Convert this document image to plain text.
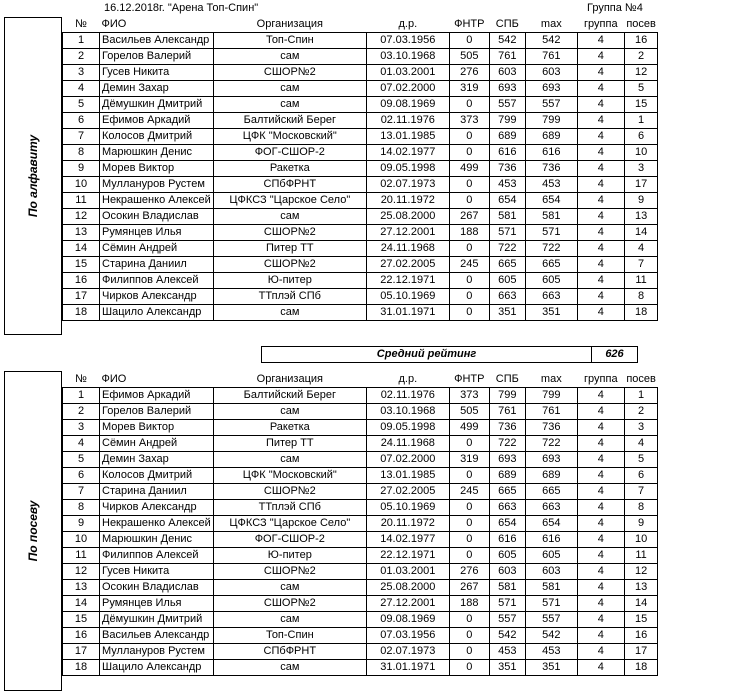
16.12.2018г. "Арена Топ-Спин"	Группа №4
По алфавиту
№	ФИО	Организация	д.р.	ФНТР	СПБ	max	группа	посев
1	Васильев Александр	Топ-Спин	07.03.1956	0	542	542	4	16
2	Горелов Валерий	сам	03.10.1968	505	761	761	4	2
3	Гусев Никита	СШОР№2	01.03.2001	276	603	603	4	12
4	Демин Захар	сам	07.02.2000	319	693	693	4	5
5	Дёмушкин Дмитрий	сам	09.08.1969	0	557	557	4	15
6	Ефимов Аркадий	Балтийский Берег	02.11.1976	373	799	799	4	1
7	Колосов Дмитрий	ЦФК "Московский"	13.01.1985	0	689	689	4	6
8	Марюшкин Денис	ФОГ-СШОР-2	14.02.1977	0	616	616	4	10
9	Морев Виктор	Ракетка	09.05.1998	499	736	736	4	3
10	Муллануров Рустем	СПбФРНТ	02.07.1973	0	453	453	4	17
11	Некрашенко Алексей	ЦФКСЗ "Царское Село"	20.11.1972	0	654	654	4	9
12	Осокин Владислав	сам	25.08.2000	267	581	581	4	13
13	Румянцев Илья	СШОР№2	27.12.2001	188	571	571	4	14
14	Сёмин Андрей	Питер ТТ	24.11.1968	0	722	722	4	4
15	Старина Даниил	СШОР№2	27.02.2005	245	665	665	4	7
16	Филиппов Алексей	Ю-питер	22.12.1971	0	605	605	4	11
17	Чирков Александр	ТТплэй СПб	05.10.1969	0	663	663	4	8
18	Шацило Александр	сам	31.01.1971	0	351	351	4	18
Средний рейтинг	626
По посеву
№	ФИО	Организация	д.р.	ФНТР	СПБ	max	группа	посев
1	Ефимов Аркадий	Балтийский Берег	02.11.1976	373	799	799	4	1
2	Горелов Валерий	сам	03.10.1968	505	761	761	4	2
3	Морев Виктор	Ракетка	09.05.1998	499	736	736	4	3
4	Сёмин Андрей	Питер ТТ	24.11.1968	0	722	722	4	4
5	Демин Захар	сам	07.02.2000	319	693	693	4	5
6	Колосов Дмитрий	ЦФК "Московский"	13.01.1985	0	689	689	4	6
7	Старина Даниил	СШОР№2	27.02.2005	245	665	665	4	7
8	Чирков Александр	ТТплэй СПб	05.10.1969	0	663	663	4	8
9	Некрашенко Алексей	ЦФКСЗ "Царское Село"	20.11.1972	0	654	654	4	9
10	Марюшкин Денис	ФОГ-СШОР-2	14.02.1977	0	616	616	4	10
11	Филиппов Алексей	Ю-питер	22.12.1971	0	605	605	4	11
12	Гусев Никита	СШОР№2	01.03.2001	276	603	603	4	12
13	Осокин Владислав	сам	25.08.2000	267	581	581	4	13
14	Румянцев Илья	СШОР№2	27.12.2001	188	571	571	4	14
15	Дёмушкин Дмитрий	сам	09.08.1969	0	557	557	4	15
16	Васильев Александр	Топ-Спин	07.03.1956	0	542	542	4	16
17	Муллануров Рустем	СПбФРНТ	02.07.1973	0	453	453	4	17
18	Шацило Александр	сам	31.01.1971	0	351	351	4	18
